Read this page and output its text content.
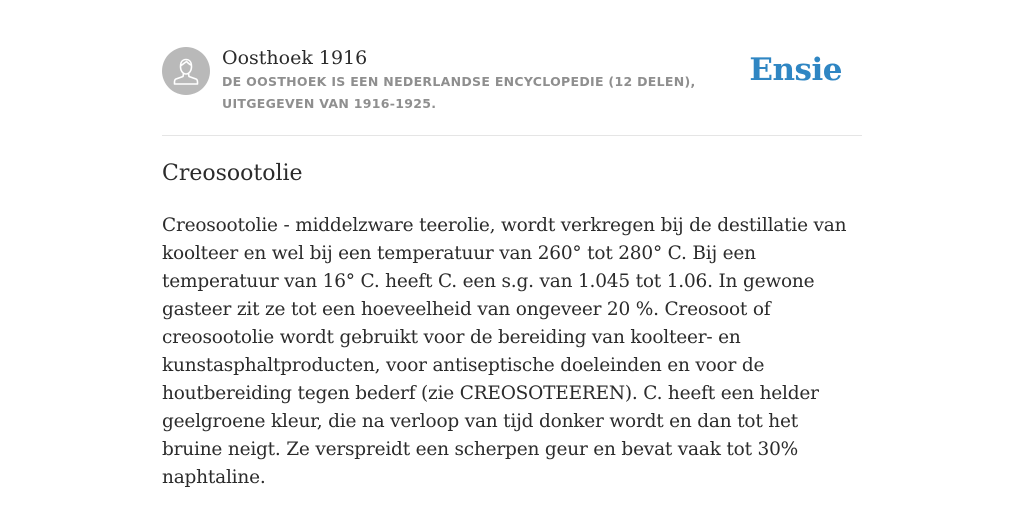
Oosthoek 1916
DE OOSTHOEK IS EEN NEDERLANDSE ENCYCLOPEDIE (12 DELEN), UITGEGEVEN VAN 1916-1925.
Ensie
Creosootolie

Creosootolie - middelzware teerolie, wordt verkregen bij de destillatie van koolteer en wel bij een temperatuur van 260° tot 280° C. Bij een temperatuur van 16° C. heeft C. een s.g. van 1.045 tot 1.06. In gewone gasteer zit ze tot een hoeveelheid van ongeveer 20 %. Creosoot of creosootolie wordt gebruikt voor de bereiding van koolteer- en kunstasphaltproducten, voor antiseptische doeleinden en voor de houtbereiding tegen bederf (zie CREOSOTEEREN). C. heeft een helder geelgroene kleur, die na verloop van tijd donker wordt en dan tot het bruine neigt. Ze verspreidt een scherpen geur en bevat vaak tot 30% naphtaline.
